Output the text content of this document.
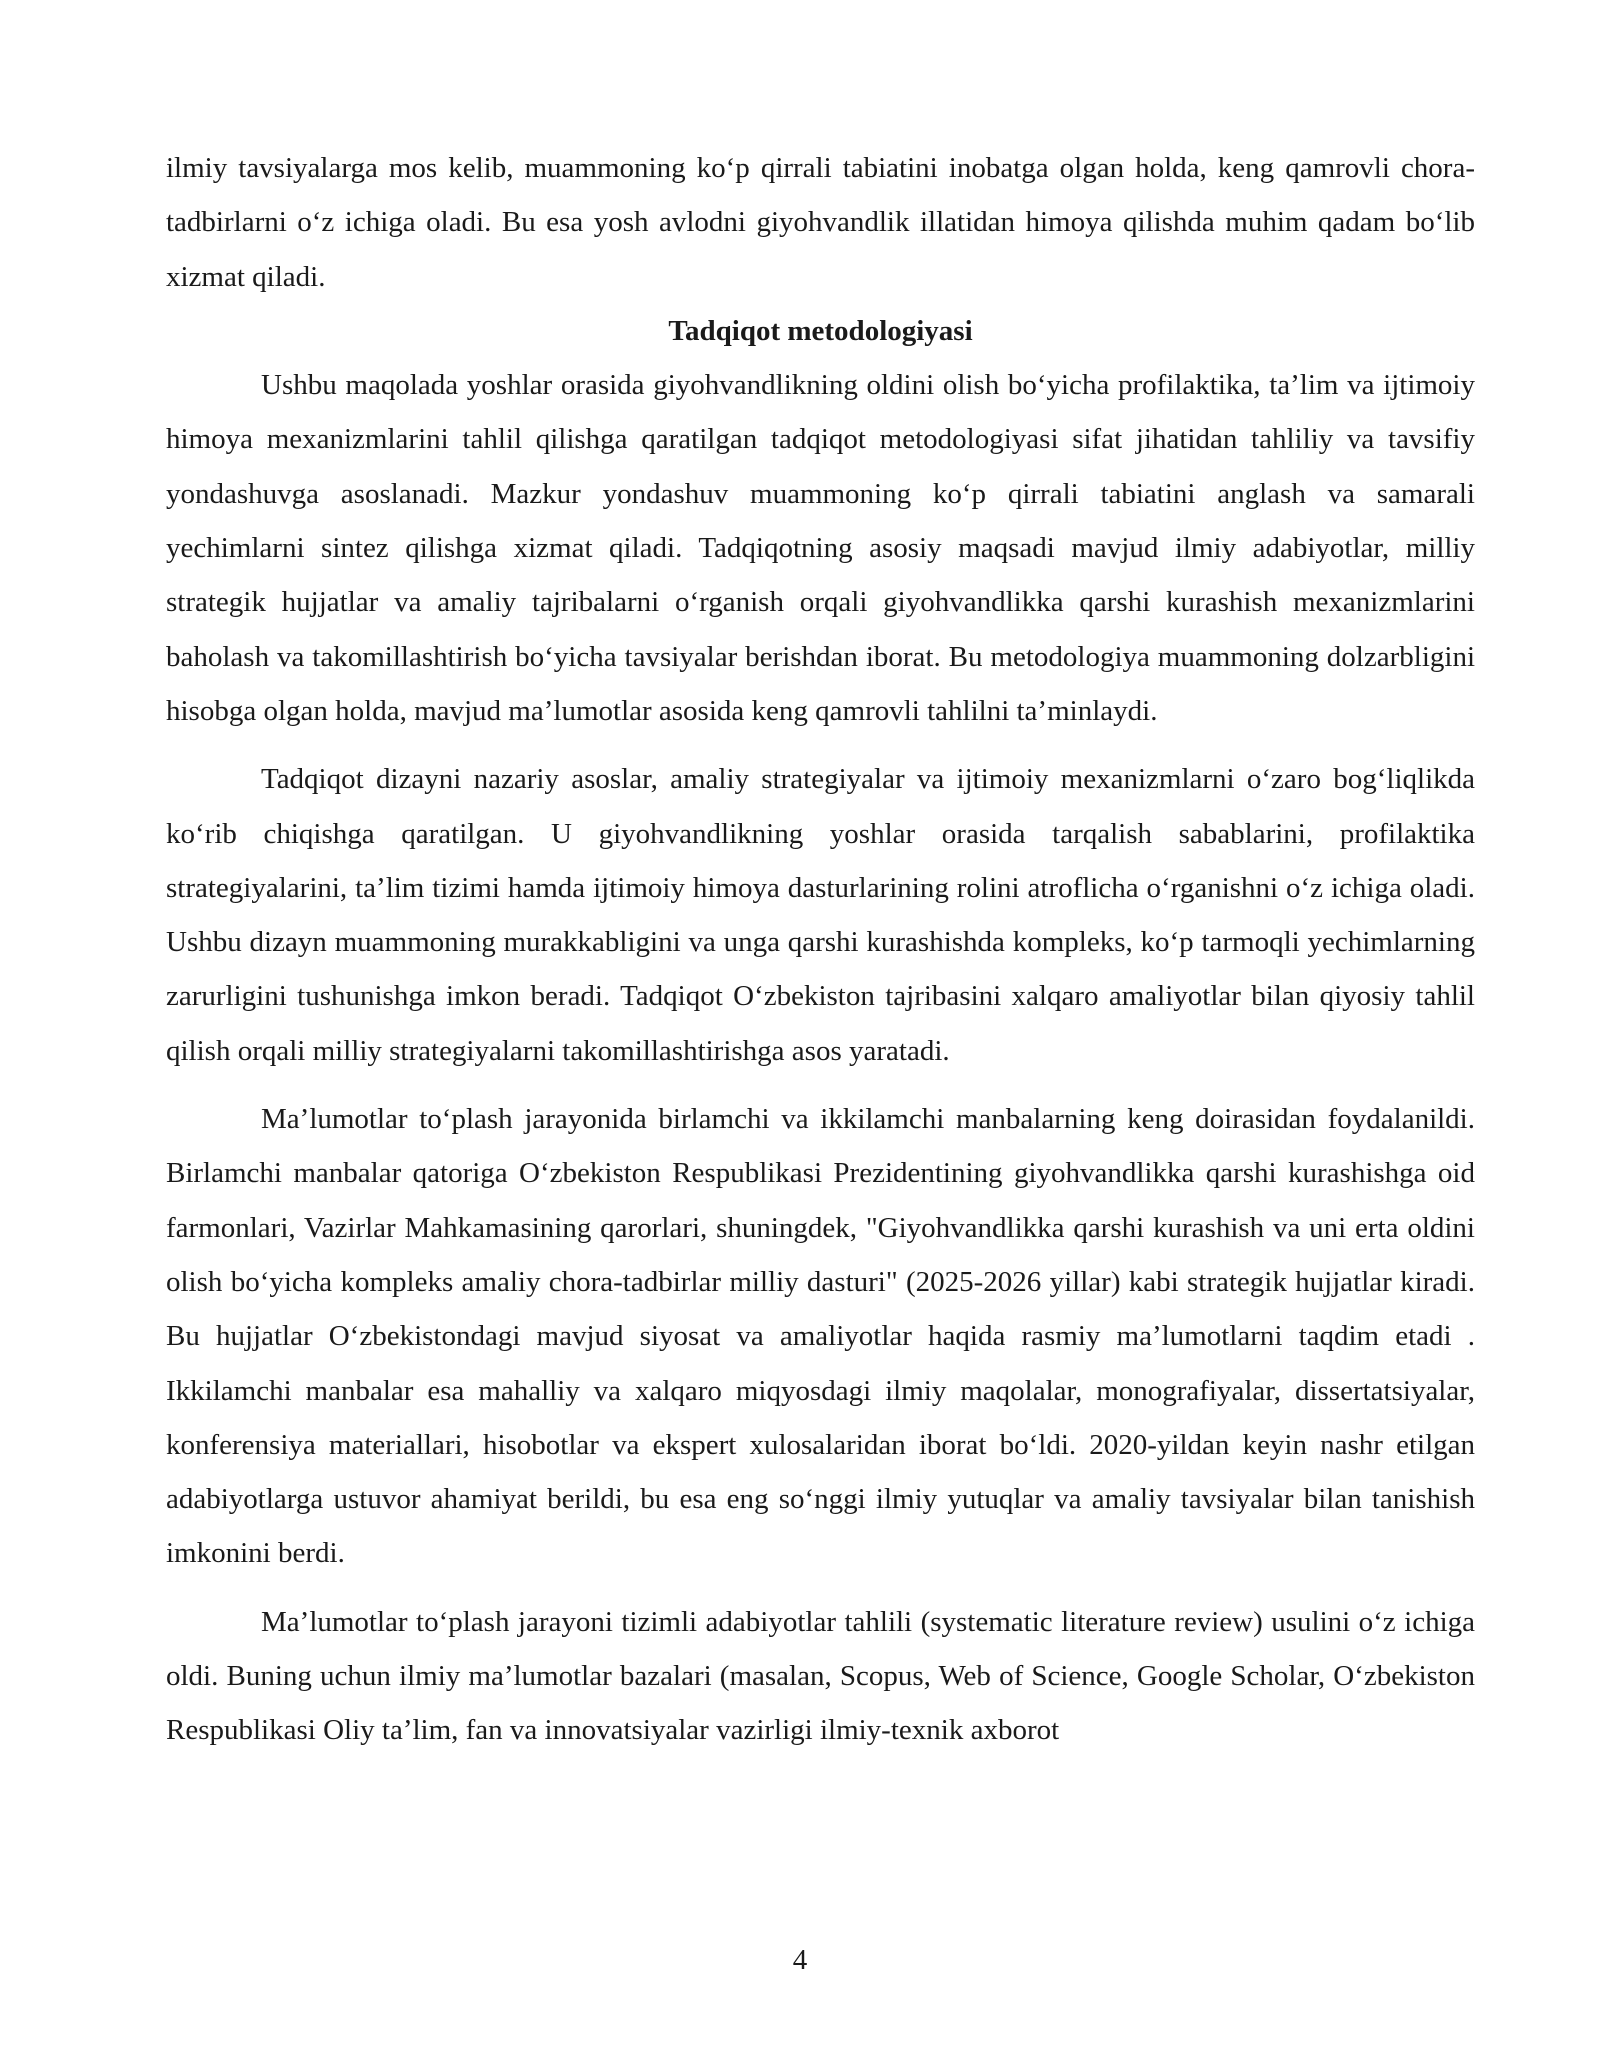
ilmiy tavsiyalarga mos kelib, muammoning ko‘p qirrali tabiatini inobatga olgan holda, keng qamrovli chora-tadbirlarni o‘z ichiga oladi. Bu esa yosh avlodni giyohvandlik illatidan himoya qilishda muhim qadam bo‘lib xizmat qiladi.

Tadqiqot metodologiyasi

Ushbu maqolada yoshlar orasida giyohvandlikning oldini olish bo‘yicha profilaktika, ta’lim va ijtimoiy himoya mexanizmlarini tahlil qilishga qaratilgan tadqiqot metodologiyasi sifat jihatidan tahliliy va tavsifiy yondashuvga asoslanadi. Mazkur yondashuv muammoning ko‘p qirrali tabiatini anglash va samarali yechimlarni sintez qilishga xizmat qiladi. Tadqiqotning asosiy maqsadi mavjud ilmiy adabiyotlar, milliy strategik hujjatlar va amaliy tajribalarni o‘rganish orqali giyohvandlikka qarshi kurashish mexanizmlarini baholash va takomillashtirish bo‘yicha tavsiyalar berishdan iborat. Bu metodologiya muammoning dolzarbligini hisobga olgan holda, mavjud ma’lumotlar asosida keng qamrovli tahlilni ta’minlaydi.

Tadqiqot dizayni nazariy asoslar, amaliy strategiyalar va ijtimoiy mexanizmlarni o‘zaro bog‘liqlikda ko‘rib chiqishga qaratilgan. U giyohvandlikning yoshlar orasida tarqalish sabablarini, profilaktika strategiyalarini, ta’lim tizimi hamda ijtimoiy himoya dasturlarining rolini atroflicha o‘rganishni o‘z ichiga oladi. Ushbu dizayn muammoning murakkabligini va unga qarshi kurashishda kompleks, ko‘p tarmoqli yechimlarning zarurligini tushunishga imkon beradi. Tadqiqot O‘zbekiston tajribasini xalqaro amaliyotlar bilan qiyosiy tahlil qilish orqali milliy strategiyalarni takomillashtirishga asos yaratadi.

Ma’lumotlar to‘plash jarayonida birlamchi va ikkilamchi manbalarning keng doirasidan foydalanildi. Birlamchi manbalar qatoriga O‘zbekiston Respublikasi Prezidentining giyohvandlikka qarshi kurashishga oid farmonlari, Vazirlar Mahkamasining qarorlari, shuningdek, "Giyohvandlikka qarshi kurashish va uni erta oldini olish bo‘yicha kompleks amaliy chora-tadbirlar milliy dasturi" (2025-2026 yillar) kabi strategik hujjatlar kiradi. Bu hujjatlar O‘zbekistondagi mavjud siyosat va amaliyotlar haqida rasmiy ma’lumotlarni taqdim etadi . Ikkilamchi manbalar esa mahalliy va xalqaro miqyosdagi ilmiy maqolalar, monografiyalar, dissertatsiyalar, konferensiya materiallari, hisobotlar va ekspert xulosalaridan iborat bo‘ldi. 2020-yildan keyin nashr etilgan adabiyotlarga ustuvor ahamiyat berildi, bu esa eng so‘nggi ilmiy yutuqlar va amaliy tavsiyalar bilan tanishish imkonini berdi.

Ma’lumotlar to‘plash jarayoni tizimli adabiyotlar tahlili (systematic literature review) usulini o‘z ichiga oldi. Buning uchun ilmiy ma’lumotlar bazalari (masalan, Scopus, Web of Science, Google Scholar, O‘zbekiston Respublikasi Oliy ta’lim, fan va innovatsiyalar vazirligi ilmiy-texnik axborot

4
